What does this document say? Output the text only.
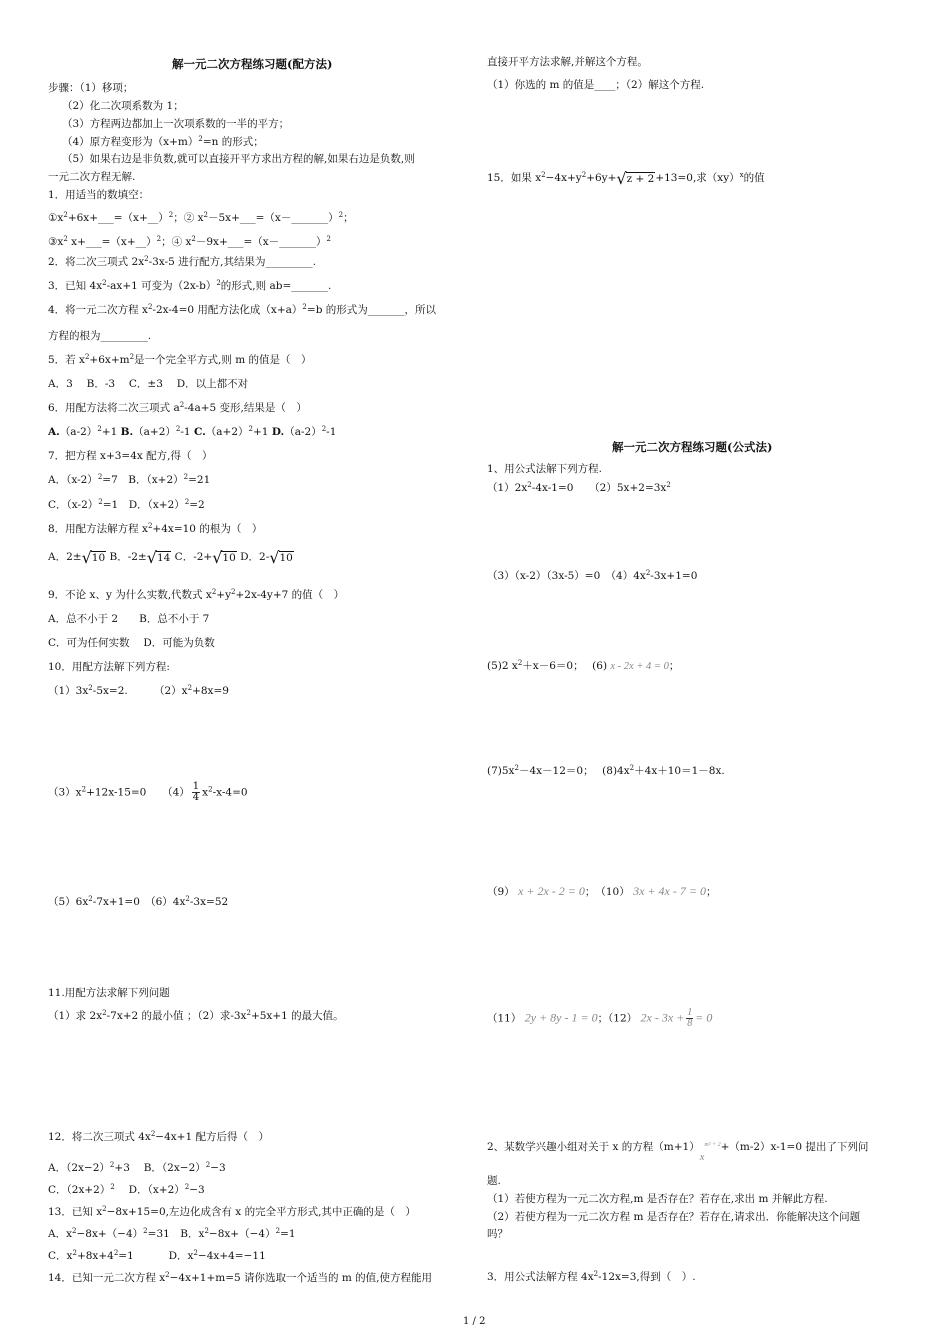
解一元二次方程练习题(配方法)
步骤：（1）移项；
（2）化二次项系数为 1；
（3）方程两边都加上一次项系数的一半的平方；
（4）原方程变形为$(x+m)^2=n$ 的形式；
（5）如果右边是非负数,就可以直接开平方求出方程的解,如果右边是负数,则
一元二次方程无解.
1．用适当的数填空：
$①x^2+6x+\_\_\_=(x+\_\_)^2$；② $x^2-5x+\_\_\_=(x-\_\_\_\_\_\_\_)^2$；
$③x^2$ x+___=（x+__）$^2$；④ $x^2-9x+\_\_\_=(x-\_\_\_\_\_\_\_)^2$
2．将二次三项式 $2x^2-3x-5$ 进行配方,其结果为_________.
3．已知 $4x^2-ax+1$ 可变为$(2x-b)^2$的形式,则 ab=_______.
4．将一元二次方程 $x^2-2x-4=0$ 用配方法化成$(x+a)^2=b$ 的形式为_______，所以
方程的根为_________.
5．若 $x^2+6x+m^2$是一个完全平方式,则 m 的值是（　）
A．3　 B．-3　 C．±3　 D．以上都不对
6．用配方法将二次三项式 $a^2-4a+5$ 变形,结果是（　）
$A.(a-2)^2+1$ $B.(a+2)^2-1$ $C.(a+2)^2+1$ $D.(a-2)^2-1$
7．把方程 x+3=4x 配方,得（　）
A．$(x-2)^2=7$　B．$(x+2)^2=21$
C．$(x-2)^2=1$　D．$(x+2)^2=2$
8．用配方法解方程 $x^2+4x=10$ 的根为（　）
A．2± √ 10 B．-2± √ 14 C．-2+ √ 10 D．2- √ 10
9．不论 x、y 为什么实数,代数式 $x^2+y^2+2x-4y+7$ 的值（　）
A．总不小于 2　　B．总不小于 7
C．可为任何实数　 D．可能为负数
10．用配方法解下列方程:
$(1)3x^2-5x=2$.　　　$(2)x^2+8x=9$
$(3)x^2+12x-15=0$　　$(4) \frac{1}{4} x^2-x-4=0$
$(5)6x^2-7x+1=0$　$(6)4x^2-3x=52$
11.用配方法求解下列问题
（1）求 $2x^2-7x+2$ 的最小值 ；（2）求$-3x^2+5x+1$ 的最大值。
12．将二次三项式 $4x^2-4x+1$ 配方后得（　）
A．$(2x-2)^2+3$　 B．$(2x-2)^2-3$
C．$(2x+2)^2$　 D．$(x+2)^2-3$
13．已知 $x^2-8x+15=0$,左边化成含有 x 的完全平方形式,其中正确的是（　）
A．$x^2-8x+(-4)^2=31$　B．$x^2-8x+(-4)^2=1$
C．$x^2+8x+4^2=1$　　　 D．$x^2-4x+4=-11$
14．已知一元二次方程 $x^2-4x+1+m=5$ 请你选取一个适当的 m 的值,使方程能用
直接开平方法求解,并解这个方程。
（1）你选的 m 的值是____；（2）解这个方程.
15．如果 $x^2-4x+y^2+6y+$ √ z + 2 +13=0,求（xy）$^x$的值
解一元二次方程练习题(公式法)
1、用公式法解下列方程.
$(1)2x^2-4x-1=0$　　$(2)5x+2=3x^2$
（3）（x-2）（3x-5）=0　$(4)4x^2-3x+1=0$
(5)2 $x^2+x-6=0$；　 (6) x - 2x + 4 = 0；
$(7)5x^2-4x-12=0$；　 $(8)4x^2+4x+10=1-8x$.
（9） x + 2x - 2 = 0；　（10） 3x + 4x - 7 = 0；
（11） 2y + 8y - 1 = 0；（12） $2x - 3x + \frac{1}{8} = 0$
2、某数学兴趣小组对关于 x 的方程$(m+1)x^{m^2 + 2}+(m-2)x-1=0$ 提出了下列问
题.
（1）若使方程为一元二次方程,m 是否存在？若存在,求出 m 并解此方程.
（2）若使方程为一元二次方程 m 是否存在？若存在,请求出．你能解决这个问题
吗？
3．用公式法解方程 $4x^2-12x=3$,得到（　）.
1 / 2
